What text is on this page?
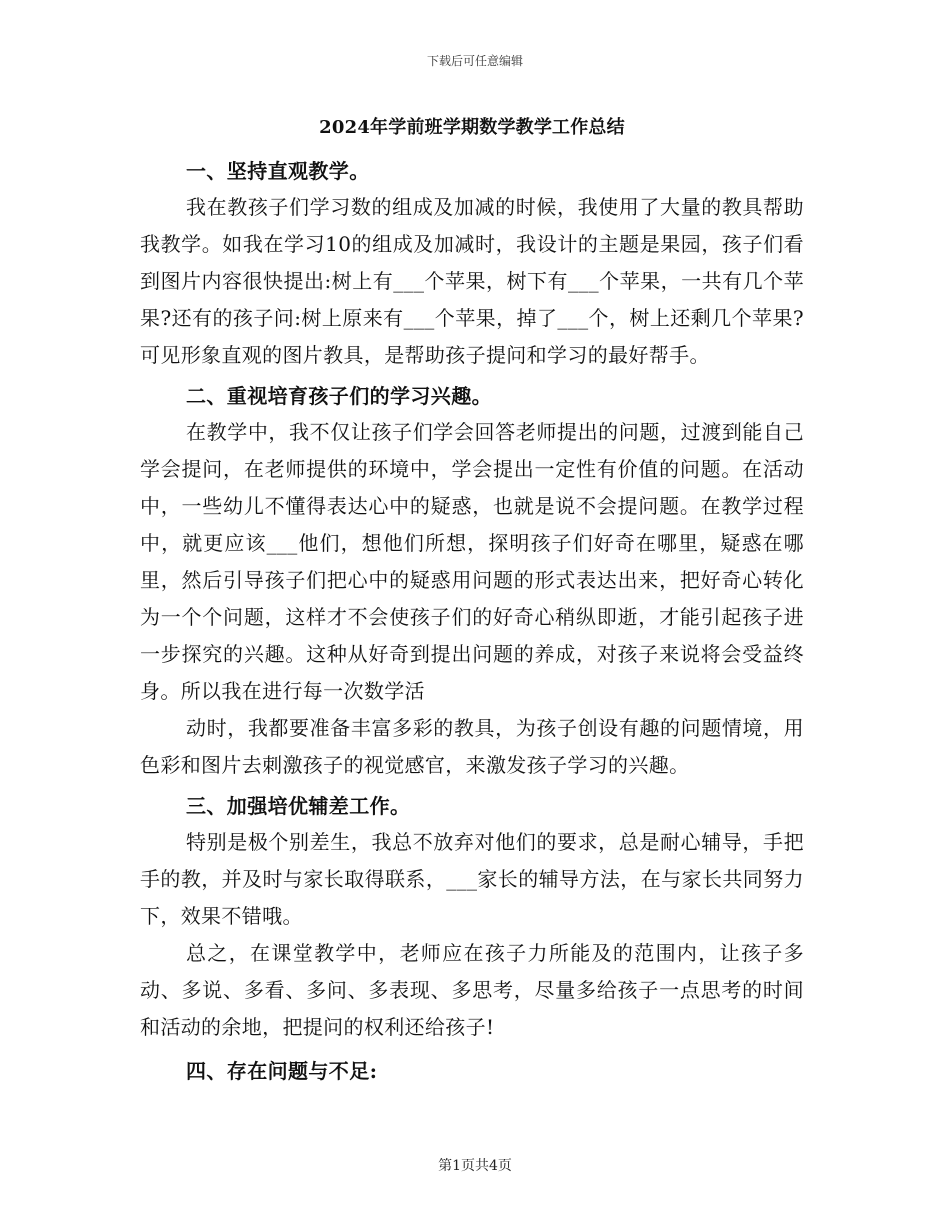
下载后可任意编辑
2024年学前班学期数学教学工作总结
一、坚持直观教学。

我在教孩子们学习数的组成及加减的时候，我使用了大量的教具帮助我教学。如我在学习10的组成及加减时，我设计的主题是果园，孩子们看到图片内容很快提出:树上有___个苹果，树下有___个苹果，一共有几个苹果?还有的孩子问:树上原来有___个苹果，掉了___个，树上还剩几个苹果?可见形象直观的图片教具，是帮助孩子提问和学习的最好帮手。

二、重视培育孩子们的学习兴趣。

在教学中，我不仅让孩子们学会回答老师提出的问题，过渡到能自己学会提问，在老师提供的环境中，学会提出一定性有价值的问题。在活动中，一些幼儿不懂得表达心中的疑惑，也就是说不会提问题。在教学过程中，就更应该___他们，想他们所想，探明孩子们好奇在哪里，疑惑在哪里，然后引导孩子们把心中的疑惑用问题的形式表达出来，把好奇心转化为一个个问题，这样才不会使孩子们的好奇心稍纵即逝，才能引起孩子进一步探究的兴趣。这种从好奇到提出问题的养成，对孩子来说将会受益终身。所以我在进行每一次数学活

动时，我都要准备丰富多彩的教具，为孩子创设有趣的问题情境，用色彩和图片去刺激孩子的视觉感官，来激发孩子学习的兴趣。

三、加强培优辅差工作。

特别是极个别差生，我总不放弃对他们的要求，总是耐心辅导，手把手的教，并及时与家长取得联系，___家长的辅导方法，在与家长共同努力下，效果不错哦。

总之，在课堂教学中，老师应在孩子力所能及的范围内，让孩子多动、多说、多看、多问、多表现、多思考，尽量多给孩子一点思考的时间和活动的余地，把提问的权利还给孩子!

四、存在问题与不足:
第1页共4页
